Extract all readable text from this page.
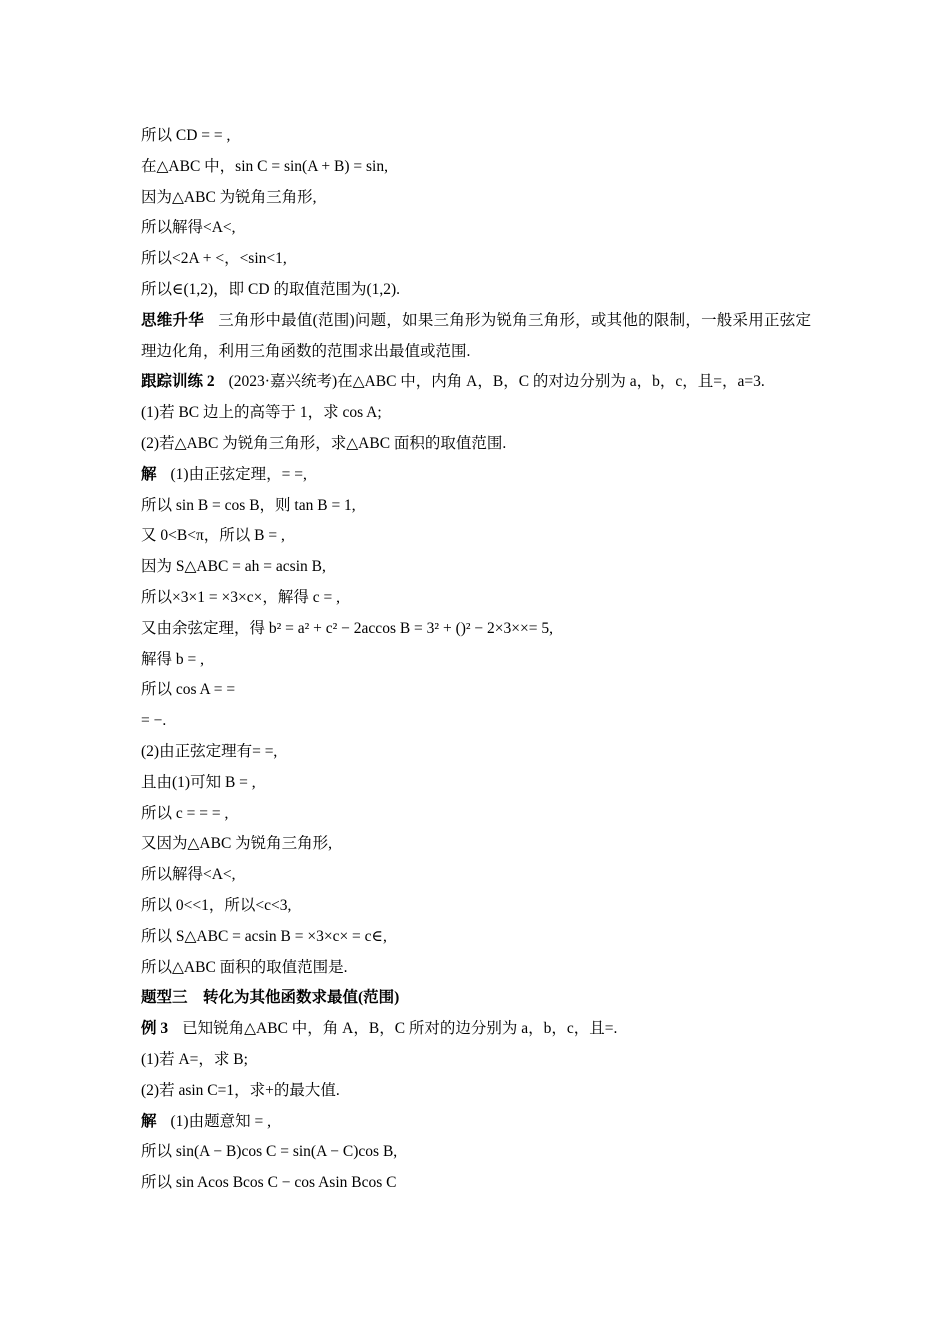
所以 CD = = ,
在△ABC 中，sin C = sin(A + B) = sin,
因为△ABC 为锐角三角形,
所以解得<A<,
所以<2A + <，<sin<1,
所以∈(1,2)，即 CD 的取值范围为(1,2).
思维升华 三角形中最值(范围)问题，如果三角形为锐角三角形，或其他的限制，一般采用正弦定理边化角，利用三角函数的范围求出最值或范围.
跟踪训练 2 (2023·嘉兴统考)在△ABC 中，内角 A，B，C 的对边分别为 a，b，c，且=，a=3.
(1)若 BC 边上的高等于 1，求 cos A;
(2)若△ABC 为锐角三角形，求△ABC 面积的取值范围.
解 (1)由正弦定理，= =,
所以 sin B = cos B，则 tan B = 1,
又 0<B<π，所以 B = ,
因为 S△ABC = ah = acsin B,
所以×3×1 = ×3×c×，解得 c = ,
又由余弦定理，得 b² = a² + c² − 2accos B = 3² + ()² − 2×3××= 5,
解得 b = ,
所以 cos A = =
= −.
(2)由正弦定理有= =,
且由(1)可知 B = ,
所以 c = = = ,
又因为△ABC 为锐角三角形,
所以解得<A<,
所以 0<<1，所以<c<3,
所以 S△ABC = acsin B = ×3×c× = c∈,
所以△ABC 面积的取值范围是.
题型三　转化为其他函数求最值(范围)
例 3 已知锐角△ABC 中，角 A，B，C 所对的边分别为 a，b，c，且=.
(1)若 A=，求 B;
(2)若 asin C=1，求+的最大值.
解 (1)由题意知 = ,
所以 sin(A − B)cos C = sin(A − C)cos B,
所以 sin Acos Bcos C − cos Asin Bcos C
